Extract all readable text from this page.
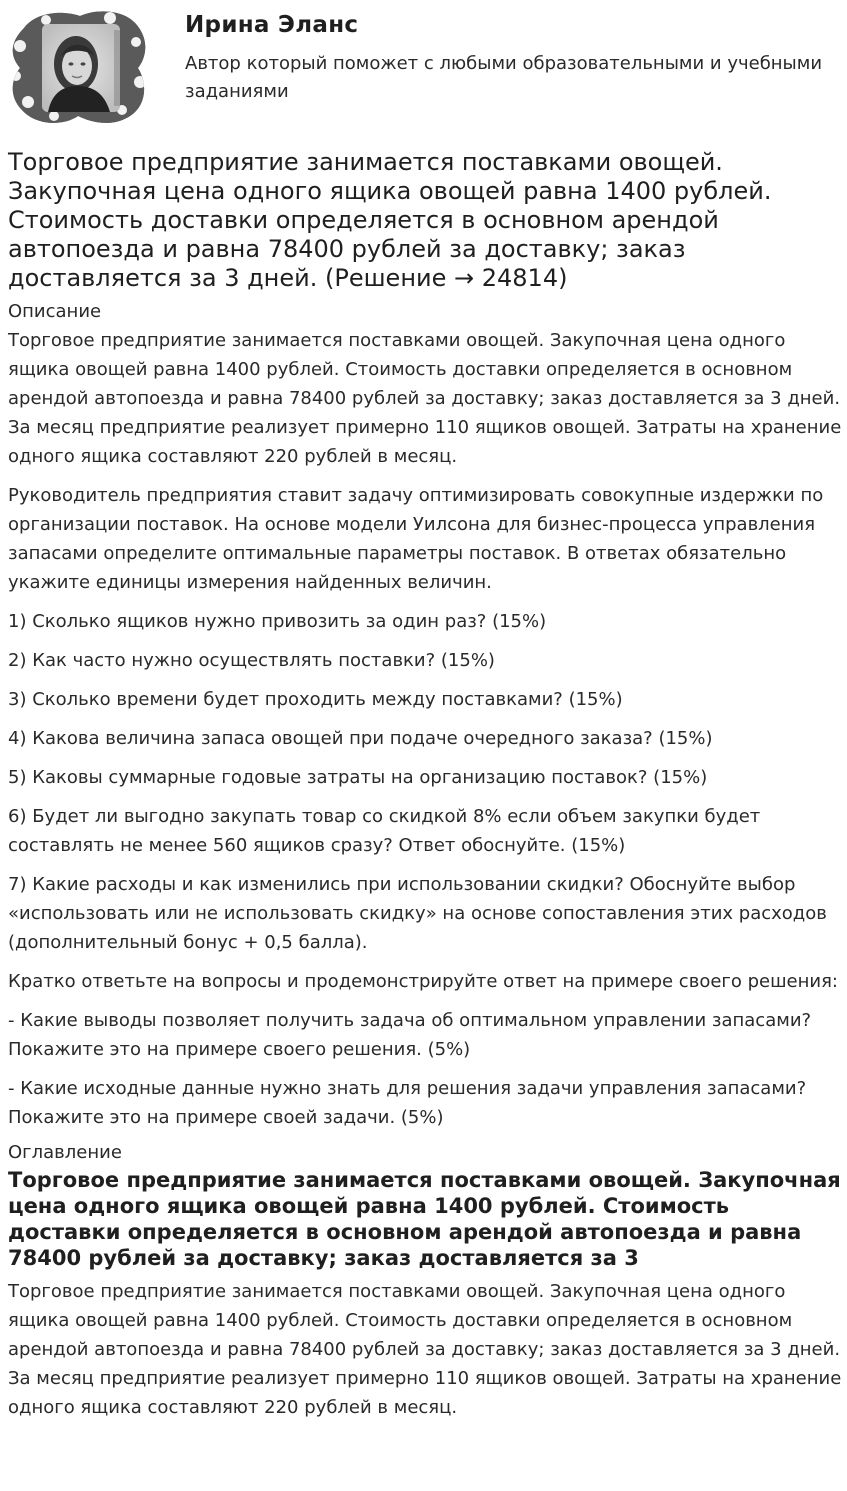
Ирина Эланс
Автор который поможет с любыми образовательными и учебными заданиями
Торговое предприятие занимается поставками овощей. Закупочная цена одного ящика овощей равна 1400 рублей. Стоимость доставки определяется в основном арендой автопоезда и равна 78400 рублей за доставку; заказ доставляется за 3 дней. (Решение → 24814)
Описание

Торговое предприятие занимается поставками овощей. Закупочная цена одного ящика овощей равна 1400 рублей. Стоимость доставки определяется в основном арендой автопоезда и равна 78400 рублей за доставку; заказ доставляется за 3 дней. За месяц предприятие реализует примерно 110 ящиков овощей. Затраты на хранение одного ящика составляют 220 рублей в месяц.

Руководитель предприятия ставит задачу оптимизировать совокупные издержки по организации поставок. На основе модели Уилсона для бизнес-процесса управления запасами определите оптимальные параметры поставок. В ответах обязательно укажите единицы измерения найденных величин.

1) Сколько ящиков нужно привозить за один раз? (15%)

2) Как часто нужно осуществлять поставки? (15%)

3) Сколько времени будет проходить между поставками? (15%)

4) Какова величина запаса овощей при подаче очередного заказа? (15%)

5) Каковы суммарные годовые затраты на организацию поставок? (15%)

6) Будет ли выгодно закупать товар со скидкой 8% если объем закупки будет составлять не менее 560 ящиков сразу? Ответ обоснуйте. (15%)

7) Какие расходы и как изменились при использовании скидки? Обоснуйте выбор «использовать или не использовать скидку» на основе сопоставления этих расходов (дополнительный бонус + 0,5 балла).

Кратко ответьте на вопросы и продемонстрируйте ответ на примере своего решения:

- Какие выводы позволяет получить задача об оптимальном управлении запасами? Покажите это на примере своего решения. (5%)

- Какие исходные данные нужно знать для решения задачи управления запасами? Покажите это на примере своей задачи. (5%)

Оглавление
Торговое предприятие занимается поставками овощей. Закупочная цена одного ящика овощей равна 1400 рублей. Стоимость доставки определяется в основном арендой автопоезда и равна 78400 рублей за доставку; заказ доставляется за 3

Торговое предприятие занимается поставками овощей. Закупочная цена одного ящика овощей равна 1400 рублей. Стоимость доставки определяется в основном арендой автопоезда и равна 78400 рублей за доставку; заказ доставляется за 3 дней. За месяц предприятие реализует примерно 110 ящиков овощей. Затраты на хранение одного ящика составляют 220 рублей в месяц.
